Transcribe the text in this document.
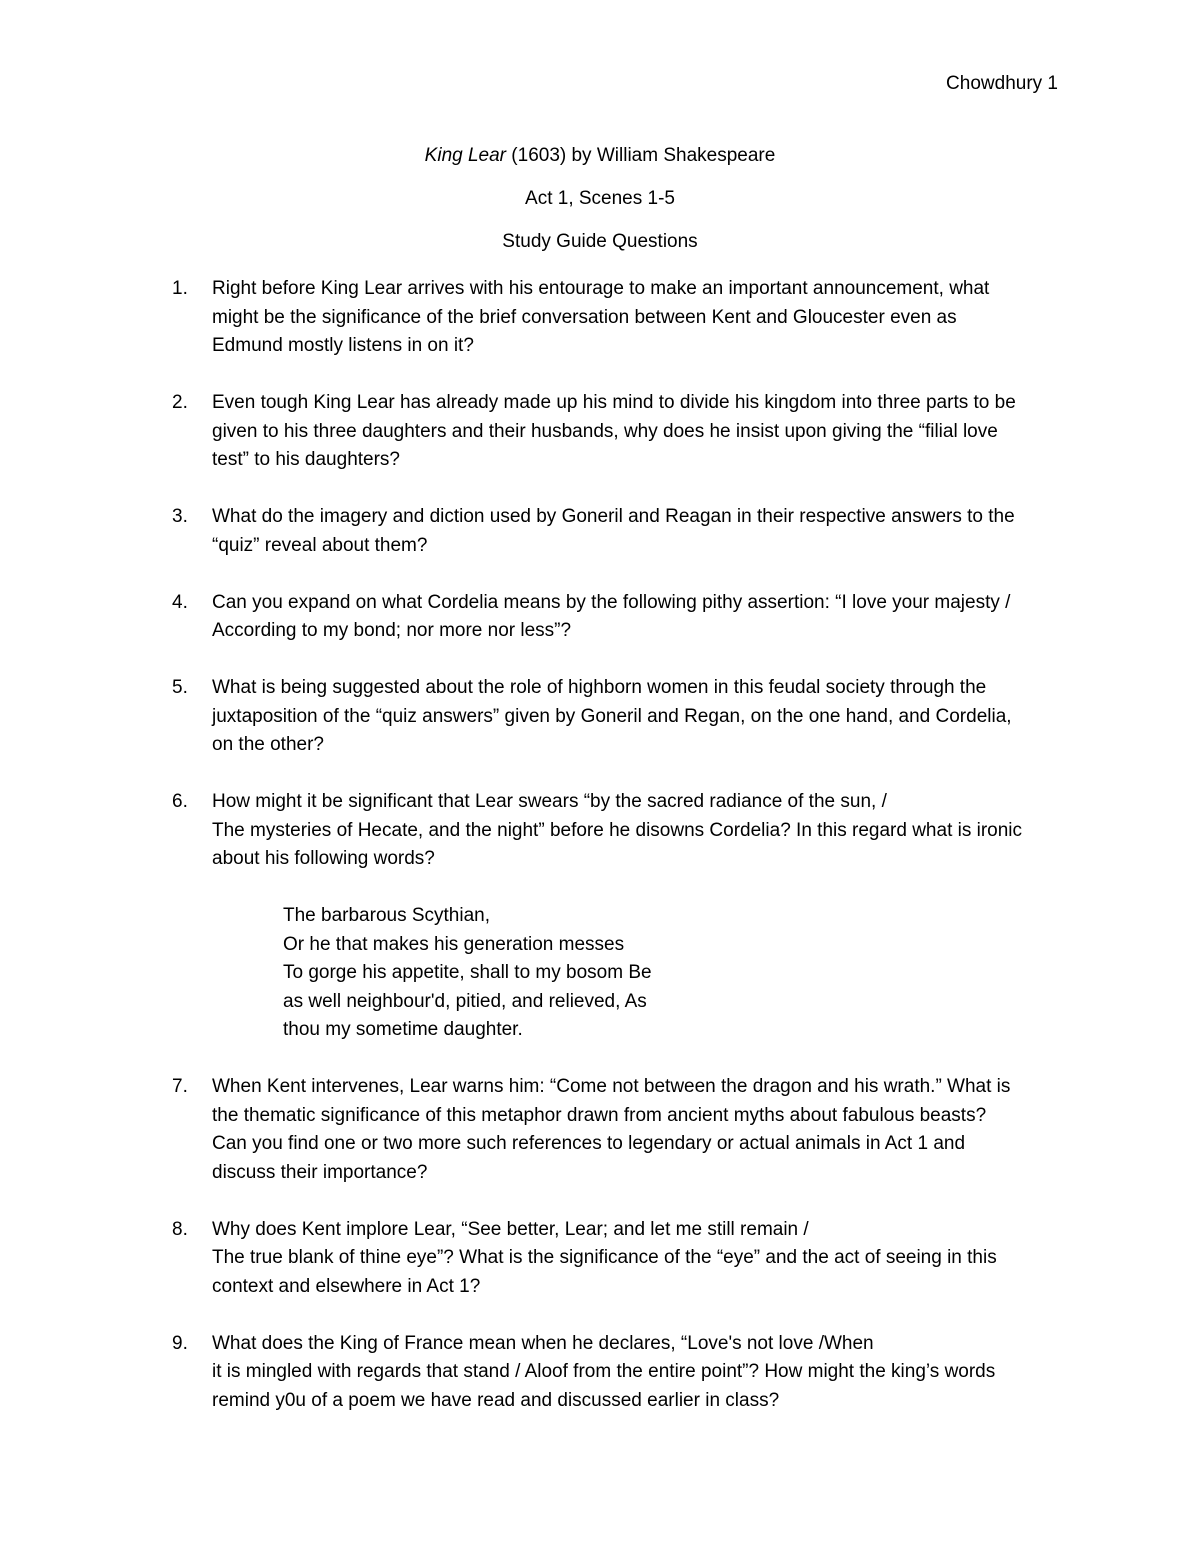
Chowdhury 1
King Lear (1603) by William Shakespeare
Act 1, Scenes 1-5
Study Guide Questions
1. Right before King Lear arrives with his entourage to make an important announcement, what
might be the significance of the brief conversation between Kent and Gloucester even as
Edmund mostly listens in on it?
2. Even tough King Lear has already made up his mind to divide his kingdom into three parts to be
given to his three daughters and their husbands, why does he insist upon giving the “filial love
test” to his daughters?
3. What do the imagery and diction used by Goneril and Reagan in their respective answers to the
“quiz” reveal about them?
4. Can you expand on what Cordelia means by the following pithy assertion: “I love your majesty /
According to my bond; nor more nor less”?
5. What is being suggested about the role of highborn women in this feudal society through the
juxtaposition of the “quiz answers” given by Goneril and Regan, on the one hand, and Cordelia,
on the other?
6. How might it be significant that Lear swears “by the sacred radiance of the sun, /
The mysteries of Hecate, and the night” before he disowns Cordelia? In this regard what is ironic
about his following words?
The barbarous Scythian,
Or he that makes his generation messes
To gorge his appetite, shall to my bosom Be
as well neighbour'd, pitied, and relieved, As
thou my sometime daughter.
7. When Kent intervenes, Lear warns him: “Come not between the dragon and his wrath.” What is
the thematic significance of this metaphor drawn from ancient myths about fabulous beasts?
Can you find one or two more such references to legendary or actual animals in Act 1 and
discuss their importance?
8. Why does Kent implore Lear, “See better, Lear; and let me still remain /
The true blank of thine eye”? What is the significance of the “eye” and the act of seeing in this
context and elsewhere in Act 1?
9. What does the King of France mean when he declares, “Love's not love /When
it is mingled with regards that stand / Aloof from the entire point”? How might the king’s words
remind y0u of a poem we have read and discussed earlier in class?
